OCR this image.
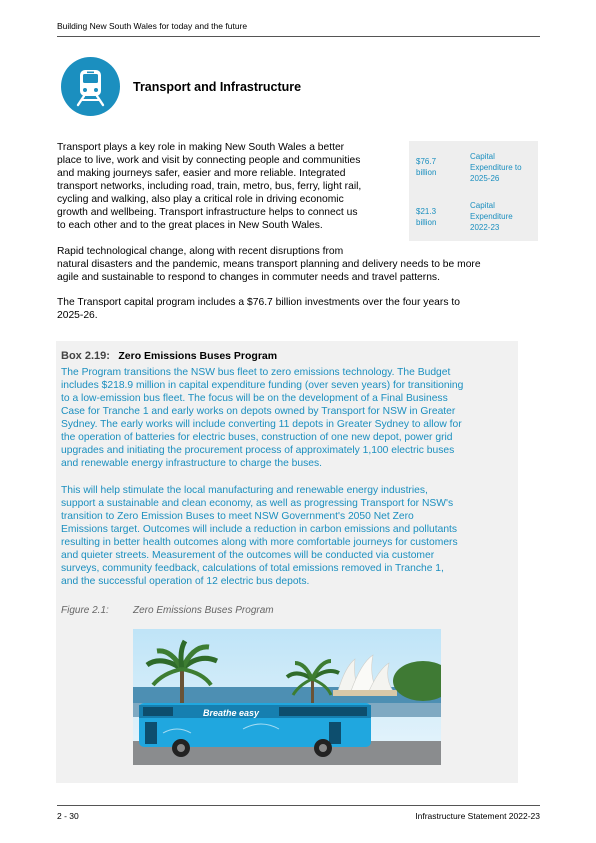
Building New South Wales for today and the future
Transport and Infrastructure
Transport plays a key role in making New South Wales a better
place to live, work and visit by connecting people and communities
and making journeys safer, easier and more reliable. Integrated
transport networks, including road, train, metro, bus, ferry, light rail,
cycling and walking, also play a critical role in driving economic
growth and wellbeing. Transport infrastructure helps to connect us
to each other and to the great places in New South Wales.
$76.7
billion
Capital
Expenditure to
2025-26
$21.3
billion
Capital
Expenditure
2022-23
Rapid technological change, along with recent disruptions from
natural disasters and the pandemic, means transport planning and delivery needs to be more
agile and sustainable to respond to changes in commuter needs and travel patterns.
The Transport capital program includes a $76.7 billion investments over the four years to
2025-26.
Box 2.19: Zero Emissions Buses Program
The Program transitions the NSW bus fleet to zero emissions technology. The Budget
includes $218.9 million in capital expenditure funding (over seven years) for transitioning
to a low-emission bus fleet. The focus will be on the development of a Final Business
Case for Tranche 1 and early works on depots owned by Transport for NSW in Greater
Sydney. The early works will include converting 11 depots in Greater Sydney to allow for
the operation of batteries for electric buses, construction of one new depot, power grid
upgrades and initiating the procurement process of approximately 1,100 electric buses
and renewable energy infrastructure to charge the buses.
This will help stimulate the local manufacturing and renewable energy industries,
support a sustainable and clean economy, as well as progressing Transport for NSW's
transition to Zero Emission Buses to meet NSW Government's 2050 Net Zero
Emissions target. Outcomes will include a reduction in carbon emissions and pollutants
resulting in better health outcomes along with more comfortable journeys for customers
and quieter streets. Measurement of the outcomes will be conducted via customer
surveys, community feedback, calculations of total emissions removed in Tranche 1,
and the successful operation of 12 electric bus depots.
Figure 2.1: Zero Emissions Buses Program
Breathe easy
2 - 30	Infrastructure Statement 2022-23
